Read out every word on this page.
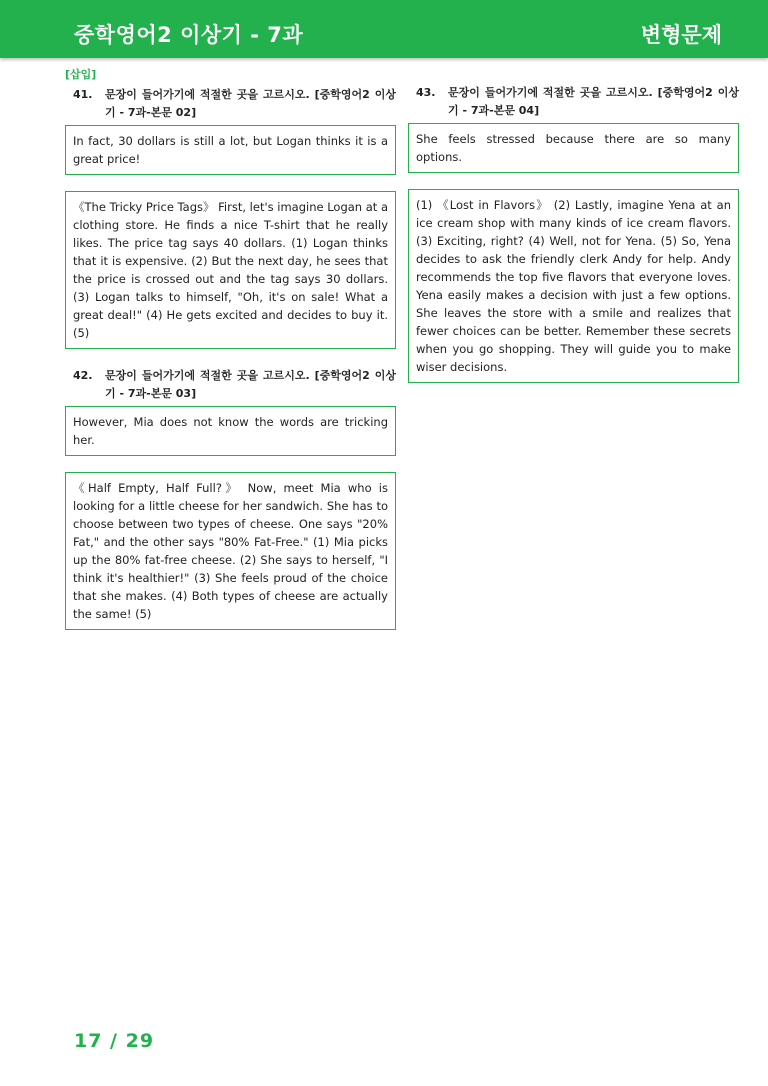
중학영어2 이상기 - 7과	변형문제
[삽입]
41.	문장이 들어가기에 적절한 곳을 고르시오. [중학영어2 이상기 - 7과-본문 02]
In fact, 30 dollars is still a lot, but Logan thinks it is a great price!
《The Tricky Price Tags》 First, let's imagine Logan at a clothing store. He finds a nice T-shirt that he really likes. The price tag says 40 dollars. (1) Logan thinks that it is expensive. (2) But the next day, he sees that the price is crossed out and the tag says 30 dollars. (3) Logan talks to himself, "Oh, it's on sale! What a great deal!" (4) He gets excited and decides to buy it. (5)
42.	문장이 들어가기에 적절한 곳을 고르시오. [중학영어2 이상기 - 7과-본문 03]
However, Mia does not know the words are tricking her.
《Half Empty, Half Full?》 Now, meet Mia who is looking for a little cheese for her sandwich. She has to choose between two types of cheese. One says "20% Fat," and the other says "80% Fat-Free." (1) Mia picks up the 80% fat-free cheese. (2) She says to herself, "I think it's healthier!" (3) She feels proud of the choice that she makes. (4) Both types of cheese are actually the same! (5)
43.	문장이 들어가기에 적절한 곳을 고르시오. [중학영어2 이상기 - 7과-본문 04]
She feels stressed because there are so many options.
(1) 《Lost in Flavors》 (2) Lastly, imagine Yena at an ice cream shop with many kinds of ice cream flavors. (3) Exciting, right? (4) Well, not for Yena. (5) So, Yena decides to ask the friendly clerk Andy for help. Andy recommends the top five flavors that everyone loves. Yena easily makes a decision with just a few options. She leaves the store with a smile and realizes that fewer choices can be better. Remember these secrets when you go shopping. They will guide you to make wiser decisions.
17 / 29
